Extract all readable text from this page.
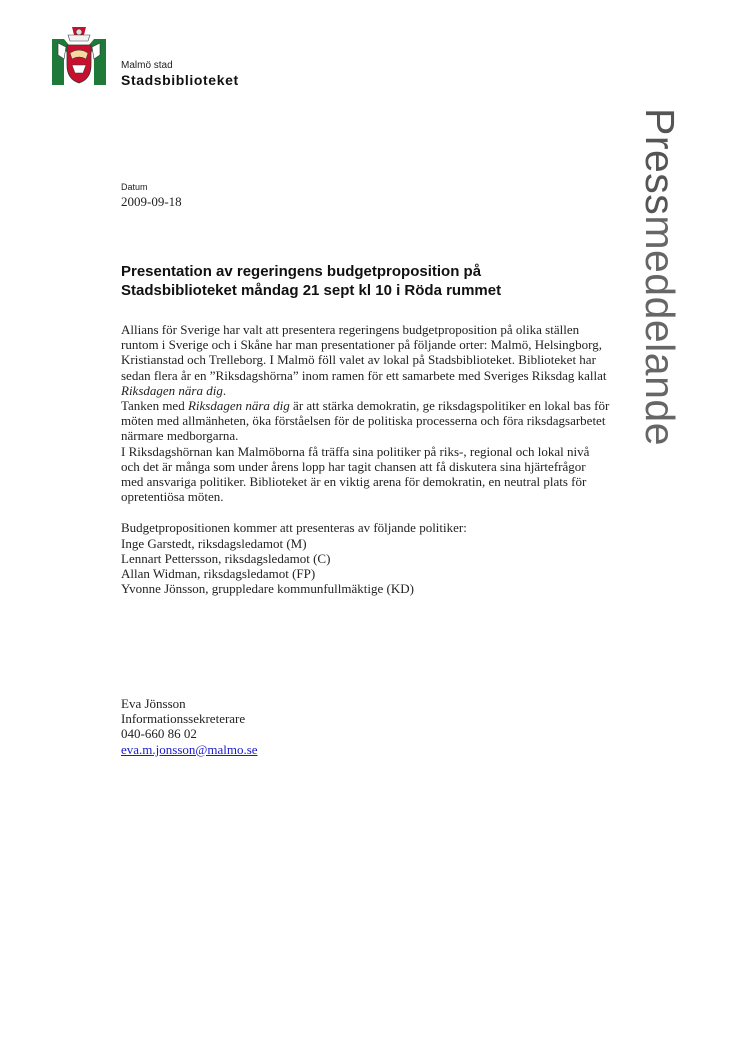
Malmö stad
Stadsbiblioteket
Pressmeddelande
Datum
2009-09-18
Presentation av regeringens budgetproposition på
Stadsbiblioteket måndag 21 sept kl 10 i Röda rummet

Allians för Sverige har valt att presentera regeringens budgetproposition på olika ställen runtom i Sverige och i Skåne har man presentationer på följande orter: Malmö, Helsingborg, Kristianstad och Trelleborg. I Malmö föll valet av lokal på Stadsbiblioteket. Biblioteket har sedan flera år en ”Riksdagshörna” inom ramen för ett samarbete med Sveriges Riksdag kallat Riksdagen nära dig.

Tanken med Riksdagen nära dig är att stärka demokratin, ge riksdagspolitiker en lokal bas för möten med allmänheten, öka förståelsen för de politiska processerna och föra riksdagsarbetet närmare medborgarna.

I Riksdagshörnan kan Malmöborna få träffa sina politiker på riks-, regional och lokal nivå och det är många som under årens lopp har tagit chansen att få diskutera sina hjärtefrågor med ansvariga politiker. Biblioteket är en viktig arena för demokratin, en neutral plats för opretentiösa möten.

Budgetpropositionen kommer att presenteras av följande politiker:

Inge Garstedt, riksdagsledamot (M)
Lennart Pettersson, riksdagsledamot (C)
Allan Widman, riksdagsledamot (FP)
Yvonne Jönsson, gruppledare kommunfullmäktige (KD)
Eva Jönsson
Informationssekreterare
040-660 86 02
eva.m.jonsson@malmo.se
